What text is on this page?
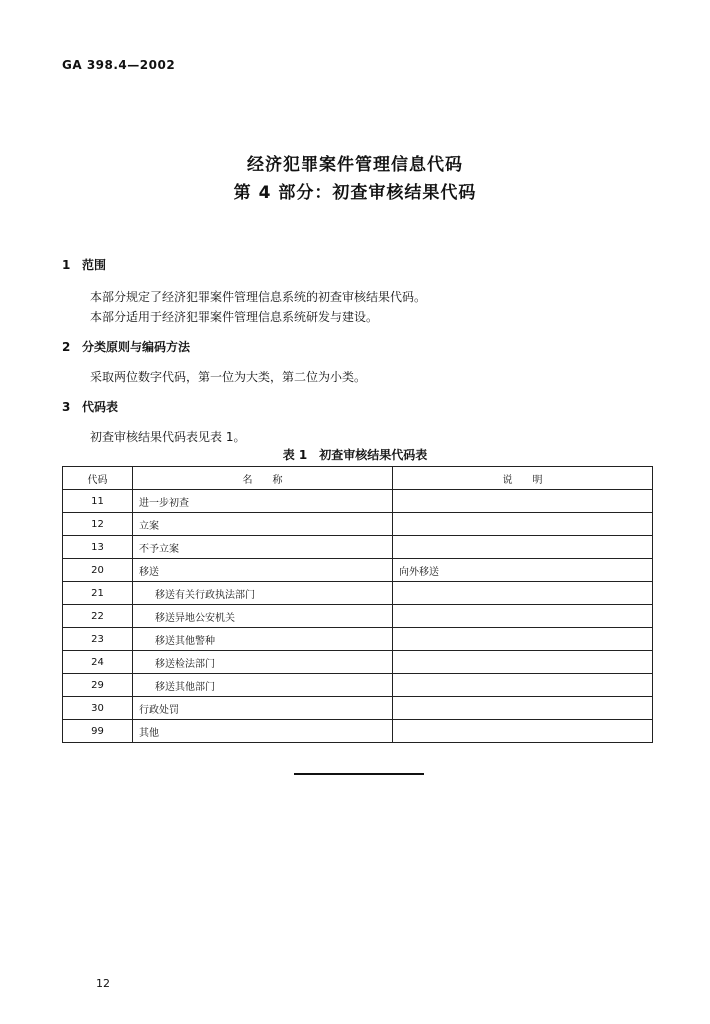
GA 398.4—2002
经济犯罪案件管理信息代码
第 4 部分：初查审核结果代码
1 范围
本部分规定了经济犯罪案件管理信息系统的初查审核结果代码。
本部分适用于经济犯罪案件管理信息系统研发与建设。
2 分类原则与编码方法
采取两位数字代码，第一位为大类，第二位为小类。
3 代码表
初查审核结果代码表见表 1。
表 1　初查审核结果代码表
代码	名　　称	说　　明
11	进一步初查	
12	立案	
13	不予立案	
20	移送	向外移送
21	移送有关行政执法部门	
22	移送异地公安机关	
23	移送其他警种	
24	移送检法部门	
29	移送其他部门	
30	行政处罚	
99	其他	
12
